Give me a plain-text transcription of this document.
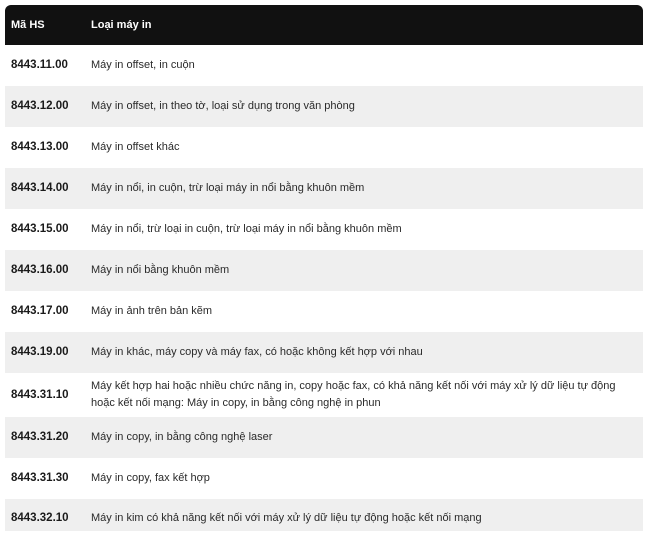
Mã HS	Loại máy in
8443.11.00	Máy in offset, in cuộn
8443.12.00	Máy in offset, in theo tờ, loại sử dụng trong văn phòng
8443.13.00	Máy in offset khác
8443.14.00	Máy in nổi, in cuộn, trừ loại máy in nổi bằng khuôn mềm
8443.15.00	Máy in nổi, trừ loại in cuộn, trừ loại máy in nổi bằng khuôn mềm
8443.16.00	Máy in nổi bằng khuôn mềm
8443.17.00	Máy in ảnh trên bản kẽm
8443.19.00	Máy in khác, máy copy và máy fax, có hoặc không kết hợp với nhau
8443.31.10	Máy kết hợp hai hoặc nhiều chức năng in, copy hoặc fax, có khả năng kết nối với máy xử lý dữ liệu tự động hoặc kết nối mạng: Máy in copy, in bằng công nghệ in phun
8443.31.20	Máy in copy, in bằng công nghệ laser
8443.31.30	Máy in copy, fax kết hợp
8443.32.10	Máy in kim có khả năng kết nối với máy xử lý dữ liệu tự động hoặc kết nối mạng
